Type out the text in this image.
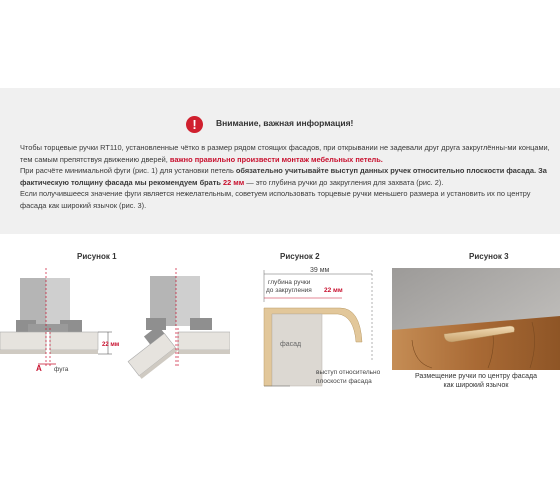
!	Внимание, важная информация!
Чтобы торцевые ручки RT110, установленные чётко в размер рядом стоящих фасадов, при открывании не задевали друг друга закруглённы-ми концами, тем самым препятствуя движению дверей, важно правильно произвести монтаж мебельных петель.
При расчёте минимальной фуги (рис. 1) для установки петель обязательно учитывайте выступ данных ручек относительно плоскости фасада. За фактическую толщину фасада мы рекомендуем брать 22 мм — это глубина ручки до закругления для захвата (рис. 2).
Если получившееся значение фуги является нежелательным, советуем использовать торцевые ручки меньшего размера и установить их по центру фасада как широкий язычок (рис. 3).
Рисунок 1	Рисунок 2	Рисунок 3
A фуга
22 мм
39 мм
глубина ручки
до закругления 22 мм
фасад
выступ относительно
плоскости фасада
Размещение ручки по центру фасада
как широкий язычок
